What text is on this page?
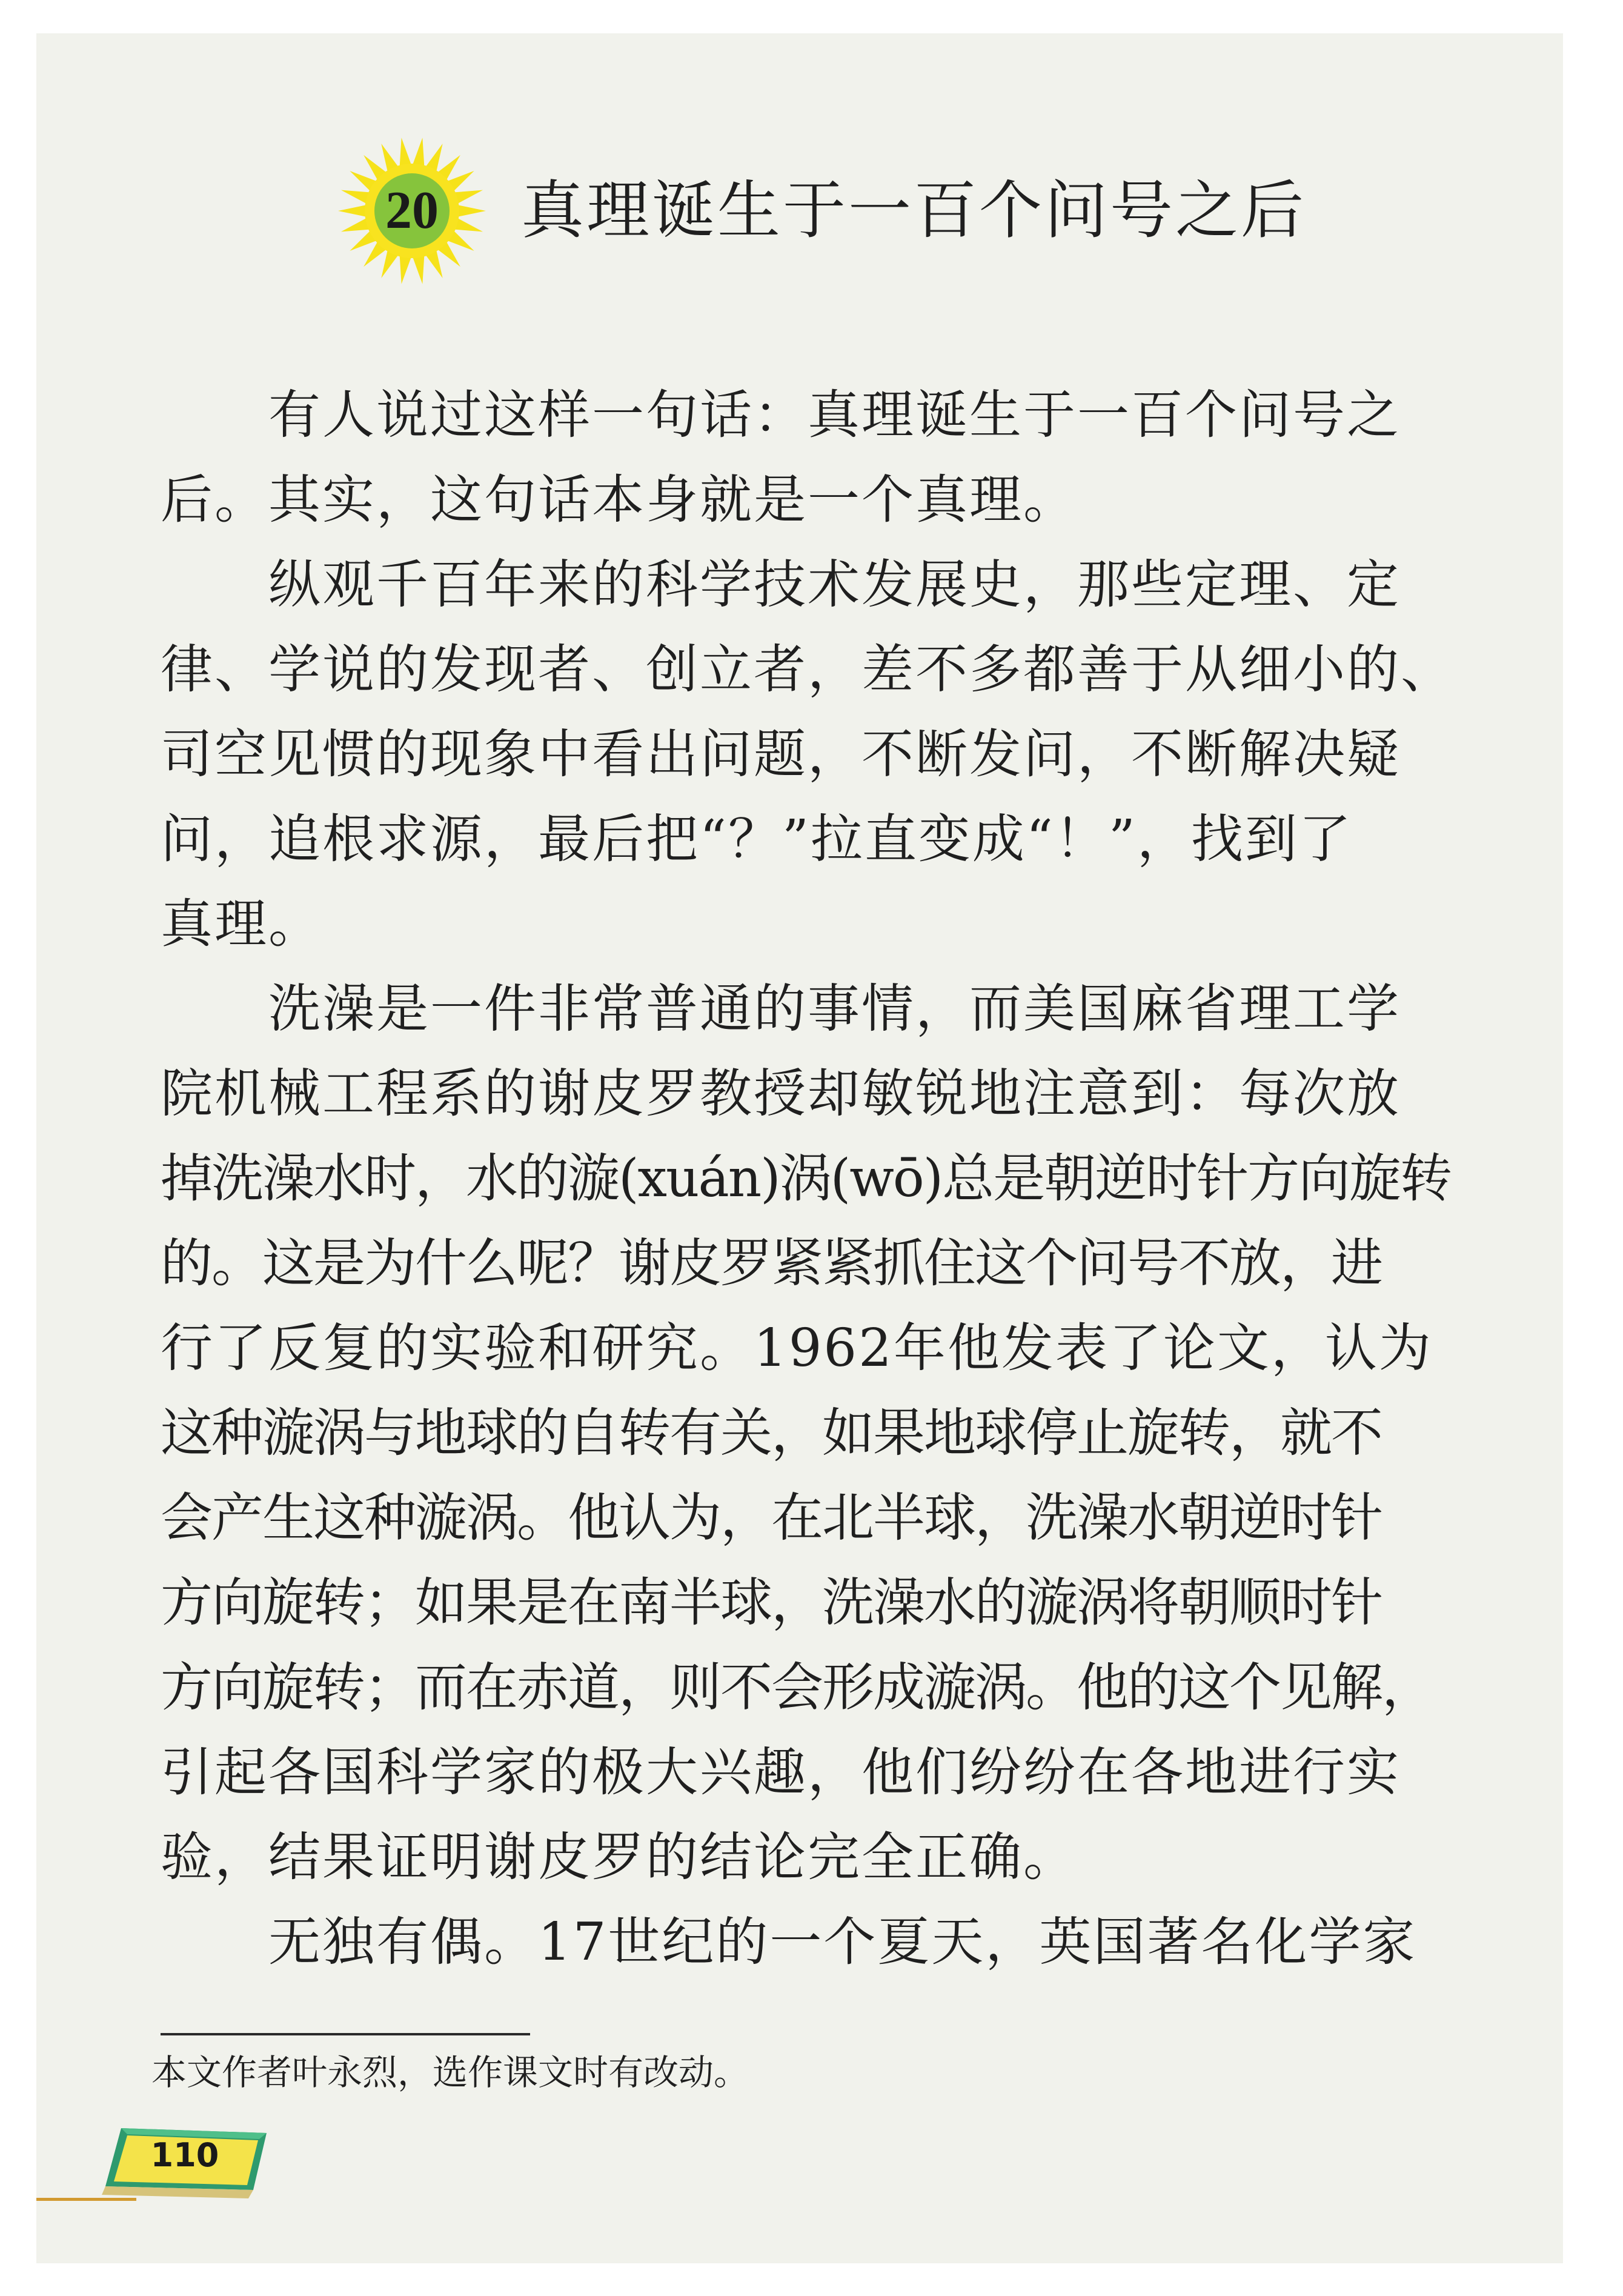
20	真理诞生于一百个问号之后
有人说过这样一句话：真理诞生于一百个问号之
后。其实，这句话本身就是一个真理。
纵观千百年来的科学技术发展史，那些定理、定
律、学说的发现者、创立者，差不多都善于从细小的、
司空见惯的现象中看出问题，不断发问，不断解决疑
问，追根求源，最后把“？”拉直变成“！”，找到了
真理。
洗澡是一件非常普通的事情，而美国麻省理工学
院机械工程系的谢皮罗教授却敏锐地注意到：每次放
掉洗澡水时，水的漩(xuán)涡(wō)总是朝逆时针方向旋转
的。这是为什么呢？谢皮罗紧紧抓住这个问号不放，进
行了反复的实验和研究。1962年他发表了论文，认为
这种漩涡与地球的自转有关，如果地球停止旋转，就不
会产生这种漩涡。他认为，在北半球，洗澡水朝逆时针
方向旋转；如果是在南半球，洗澡水的漩涡将朝顺时针
方向旋转；而在赤道，则不会形成漩涡。他的这个见解，
引起各国科学家的极大兴趣，他们纷纷在各地进行实
验，结果证明谢皮罗的结论完全正确。
无独有偶。17世纪的一个夏天，英国著名化学家

本文作者叶永烈，选作课文时有改动。

110
